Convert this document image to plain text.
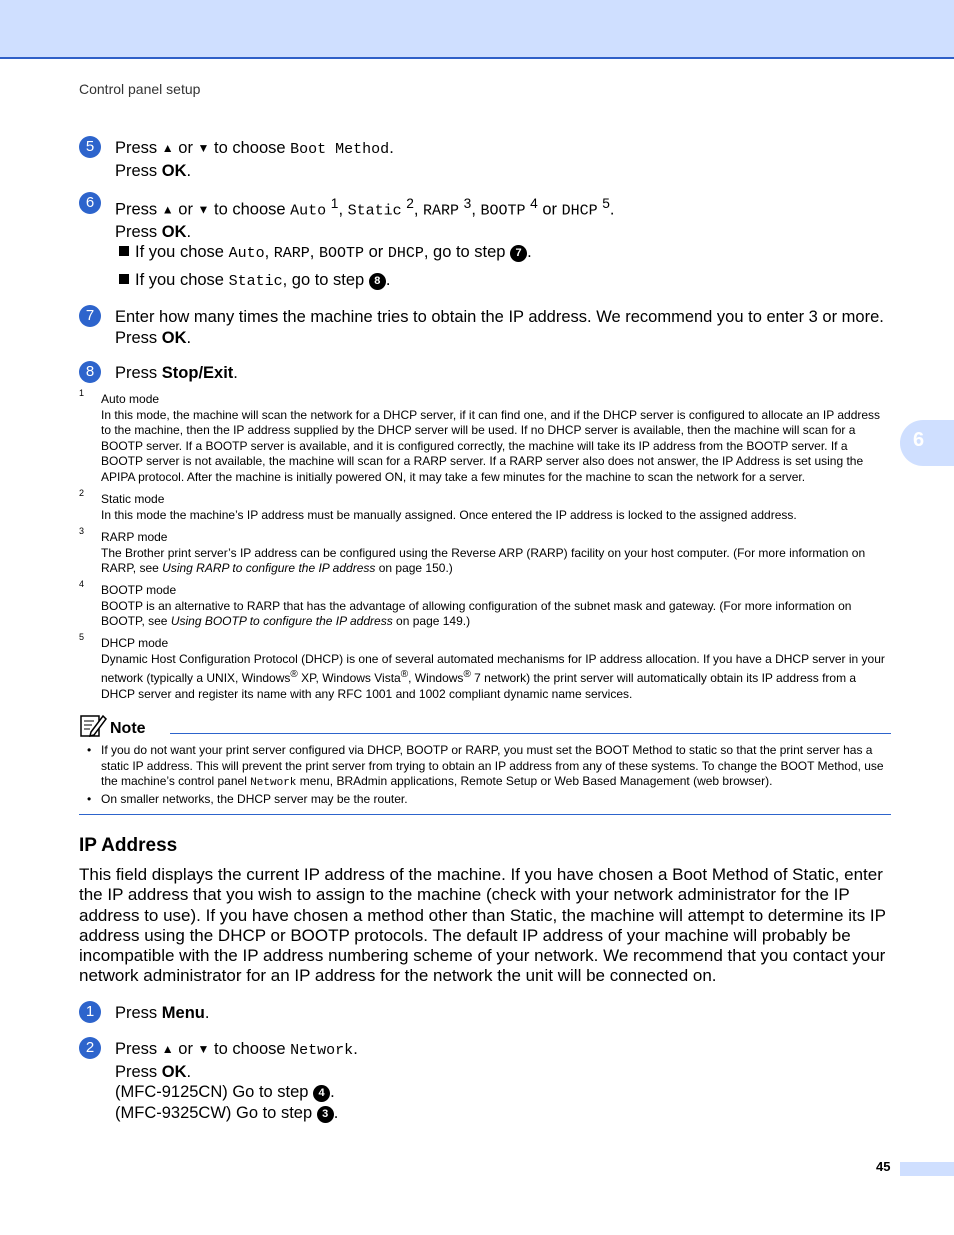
Control panel setup
5	Press ▲ or ▼ to choose Boot Method.
Press OK.
6	Press ▲ or ▼ to choose Auto $^1$, Static $^2$, RARP $^3$, BOOTP $^4$ or DHCP $^5$.
Press OK.
If you chose Auto, RARP, BOOTP or DHCP, go to step 7 .
If you chose Static, go to step 8 .
7	Enter how many times the machine tries to obtain the IP address. We recommend you to enter 3 or more.
Press OK.
8	Press Stop/Exit.
1 Auto mode
In this mode, the machine will scan the network for a DHCP server, if it can find one, and if the DHCP server is configured to allocate an IP address to the machine, then the IP address supplied by the DHCP server will be used. If no DHCP server is available, then the machine will scan for a BOOTP server. If a BOOTP server is available, and it is configured correctly, the machine will take its IP address from the BOOTP server. If a BOOTP server is not available, the machine will scan for a RARP server. If a RARP server also does not answer, the IP Address is set using the APIPA protocol. After the machine is initially powered ON, it may take a few minutes for the machine to scan the network for a server.
2 Static mode
In this mode the machine’s IP address must be manually assigned. Once entered the IP address is locked to the assigned address.
3 RARP mode
The Brother print server’s IP address can be configured using the Reverse ARP (RARP) facility on your host computer. (For more information on RARP, see Using RARP to configure the IP address on page 150.)
4 BOOTP mode
BOOTP is an alternative to RARP that has the advantage of allowing configuration of the subnet mask and gateway. (For more information on BOOTP, see Using BOOTP to configure the IP address on page 149.)
5 DHCP mode
Dynamic Host Configuration Protocol (DHCP) is one of several automated mechanisms for IP address allocation. If you have a DHCP server in your network (typically a UNIX, Windows® XP, Windows Vista®, Windows® 7 network) the print server will automatically obtain its IP address from a DHCP server and register its name with any RFC 1001 and 1002 compliant dynamic name services.
Note
• If you do not want your print server configured via DHCP, BOOTP or RARP, you must set the BOOT Method to static so that the print server has a static IP address. This will prevent the print server from trying to obtain an IP address from any of these systems. To change the BOOT Method, use the machine’s control panel Network menu, BRAdmin applications, Remote Setup or Web Based Management (web browser).
• On smaller networks, the DHCP server may be the router.
IP Address
This field displays the current IP address of the machine. If you have chosen a Boot Method of Static, enter the IP address that you wish to assign to the machine (check with your network administrator for the IP address to use). If you have chosen a method other than Static, the machine will attempt to determine its IP address using the DHCP or BOOTP protocols. The default IP address of your machine will probably be incompatible with the IP address numbering scheme of your network. We recommend that you contact your network administrator for an IP address for the network the unit will be connected on.
1	Press Menu.
2	Press ▲ or ▼ to choose Network.
Press OK.
(MFC-9125CN) Go to step 4 .
(MFC-9325CW) Go to step 3 .
6
45
